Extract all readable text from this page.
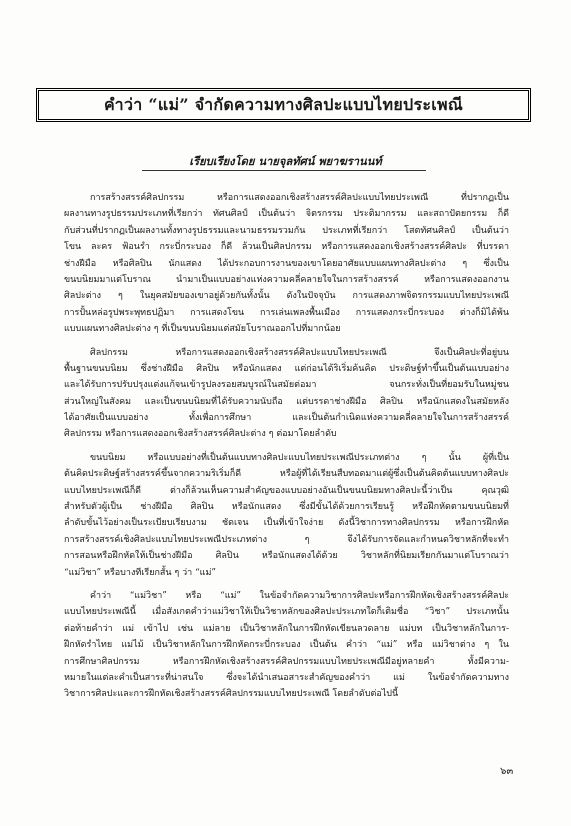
คำว่า “แม่” จำกัดความทางศิลปะแบบไทยประเพณี
เรียบเรียงโดย นายจุลทัศน์ พยาฆรานนท์
การสร้างสรรค์ศิลปกรรม หรือการแสดงออกเชิงสร้างสรรค์ศิลปะแบบไทยประเพณี ที่ปรากฏเป็น
ผลงานทางรูปธรรมประเภทที่เรียกว่า ทัศนศิลป์ เป็นต้นว่า จิตรกรรม ประติมากรรม และสถาปัตยกรรม ก็ดี
กับส่วนที่ปรากฏเป็นผลงานทั้งทางรูปธรรมและนามธรรมรวมกัน ประเภทที่เรียกว่า โสตทัศนศิลป์ เป็นต้นว่า
โขน ละคร ฟ้อนรำ กระบี่กระบอง ก็ดี ล้วนเป็นศิลปกรรม หรือการแสดงออกเชิงสร้างสรรค์ศิลปะ ที่บรรดา
ช่างฝีมือ หรือศิลปิน นักแสดง ได้ประกอบการงานของเขาโดยอาศัยแบบแผนทางศิลปะต่าง ๆ ซึ่งเป็น
ขนบนิยมมาแต่โบราณ นำมาเป็นแบบอย่างแห่งความคลี่คลายใจในการสร้างสรรค์ หรือการแสดงออกงาน
ศิลปะต่าง ๆ ในยุคสมัยของเขาอยู่ด้วยกันทั้งนั้น ดังในปัจจุบัน การแสดงภาพจิตรกรรมแบบไทยประเพณี
การปั้นหล่อรูปพระพุทธปฏิมา การแสดงโขน การเล่นเพลงพื้นเมือง การแสดงกระบี่กระบอง ต่างก็มิได้พ้น
แบบแผนทางศิลปะต่าง ๆ ที่เป็นขนบนิยมแต่สมัยโบราณออกไปที่มากน้อย
ศิลปกรรม หรือการแสดงออกเชิงสร้างสรรค์ศิลปะแบบไทยประเพณี จึงเป็นศิลปะที่อยู่บน
พื้นฐานขนบนิยม ซึ่งช่างฝีมือ ศิลปิน หรือนักแสดง แต่ก่อนได้ริเริ่มค้นคิด ประดิษฐ์ทำขึ้นเป็นต้นแบบอย่าง
และได้รับการปรับปรุงแต่งแก้จนเข้ารูปลงรอยสมบูรณ์ในสมัยต่อมา จนกระทั่งเป็นที่ยอมรับในหมู่ชน
ส่วนใหญ่ในสังคม และเป็นขนบนิยมที่ได้รับความนับถือ แต่บรรดาช่างฝีมือ ศิลปิน หรือนักแสดงในสมัยหลัง
ได้อาศัยเป็นแบบอย่าง ทั้งเพื่อการศึกษา และเป็นต้นกำเนิดแห่งความคลี่คลายใจในการสร้างสรรค์
ศิลปกรรม หรือการแสดงออกเชิงสร้างสรรค์ศิลปะต่าง ๆ ต่อมาโดยลำดับ
ขนบนิยม หรือแบบอย่างที่เป็นต้นแบบทางศิลปะแบบไทยประเพณีประเภทต่าง ๆ นั้น ผู้ที่เป็น
ต้นคิดประดิษฐ์สร้างสรรค์ขึ้นจากความริเริ่มก็ดี หรือผู้ที่ได้เรียนสืบทอดมาแต่ผู้ซึ่งเป็นต้นคิดต้นแบบทางศิลปะ
แบบไทยประเพณีก็ดี ต่างก็ล้วนเห็นความสำคัญของแบบอย่างอันเป็นขนบนิยมทางศิลปะนี้ว่าเป็น คุณวุฒิ
สำหรับตัวผู้เป็น ช่างฝีมือ ศิลปิน หรือนักแสดง ซึ่งมีขั้นได้ด้วยการเรียนรู้ หรือฝึกหัดตามขนบนิยมที่
ลำดับขั้นไว้อย่างเป็นระเบียบเรียบงาม ชัดเจน เป็นที่เข้าใจง่าย ดังนี้วิชาการทางศิลปกรรม หรือการฝึกหัด
การสร้างสรรค์เชิงศิลปะแบบไทยประเพณีประเภทต่าง ๆ จึงได้รับการจัดและกำหนดวิชาหลักที่จะทำ
การสอนหรือฝึกหัดให้เป็นช่างฝีมือ ศิลปิน หรือนักแสดงได้ด้วย วิชาหลักที่นิยมเรียกกันมาแต่โบราณว่า
“แม่วิชา” หรือบางทีเรียกสั้น ๆ ว่า “แม่”
คำว่า “แม่วิชา” หรือ “แม่” ในข้อจำกัดความวิชาการศิลปะหรือการฝึกหัดเชิงสร้างสรรค์ศิลปะ
แบบไทยประเพณีนี้ เมื่อสังเกตคำว่าแม่วิชาให้เป็นวิชาหลักของศิลปะประเภทใดก็เติมชื่อ “วิชา” ประเภทนั้น
ต่อท้ายคำว่า แม่ เข้าไป เช่น แม่ลาย เป็นวิชาหลักในการฝึกหัดเขียนลวดลาย แม่บท เป็นวิชาหลักในการ-
ฝึกหัดรำไทย แม่ไม้ เป็นวิชาหลักในการฝึกหัดกระบี่กระบอง เป็นต้น คำว่า “แม่” หรือ แม่วิชาต่าง ๆ ใน
การศึกษาศิลปกรรม หรือการฝึกหัดเชิงสร้างสรรค์ศิลปกรรมแบบไทยประเพณีมีอยู่หลายคำ ทั้งมีความ-
หมายในแต่ละคำเป็นสาระที่น่าสนใจ ซึ่งจะได้นำเสนอสาระสำคัญของคำว่า แม่ ในข้อจำกัดความทาง
วิชาการศิลปะและการฝึกหัดเชิงสร้างสรรค์ศิลปกรรมแบบไทยประเพณี โดยลำดับต่อไปนี้
๖๓
